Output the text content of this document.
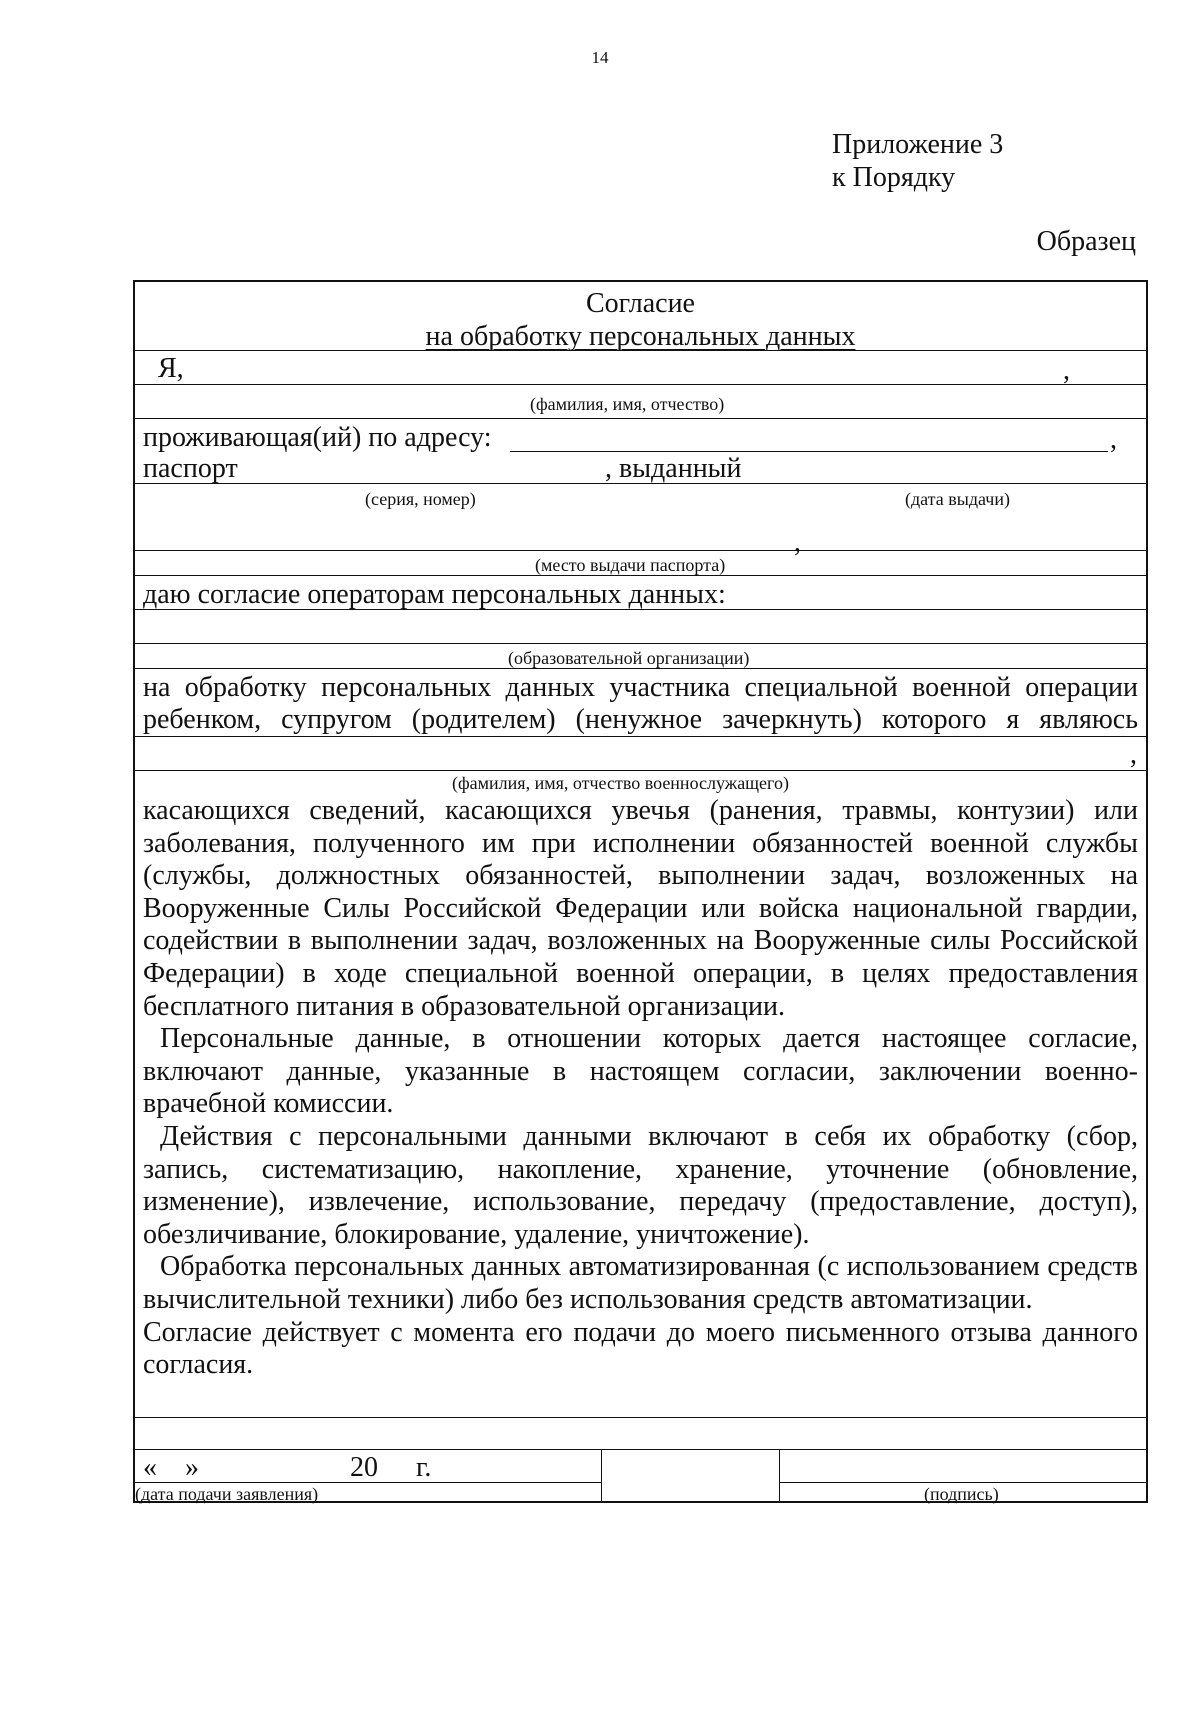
14
Приложение 3
к Порядку
Образец
Согласие
на обработку персональных данных
Я,	,
(фамилия, имя, отчество)
проживающая(ий) по адресу:	,
паспорт	, выданный
(серия, номер)	(дата выдачи)
,
(место выдачи паспорта)
даю согласие операторам персональных данных:
(образовательной организации)
на обработку персональных данных участника специальной военной операции
ребенком, супругом (родителем) (ненужное зачеркнуть) которого я являюсь
,
(фамилия, имя, отчество военнослужащего)

касающихся сведений, касающихся увечья (ранения, травмы, контузии) или заболевания, полученного им при исполнении обязанностей военной службы (службы, должностных обязанностей, выполнении задач, возложенных на Вооруженные Силы Российской Федерации или войска национальной гвардии, содействии в выполнении задач, возложенных на Вооруженные силы Российской Федерации) в ходе специальной военной операции, в целях предоставления бесплатного питания в образовательной организации.

Персональные данные, в отношении которых дается настоящее согласие, включают данные, указанные в настоящем согласии, заключении военно-врачебной комиссии.

Действия с персональными данными включают в себя их обработку (сбор, запись, систематизацию, накопление, хранение, уточнение (обновление, изменение), извлечение, использование, передачу (предоставление, доступ), обезличивание, блокирование, удаление, уничтожение).

Обработка персональных данных автоматизированная (с использованием средств вычислительной техники) либо без использования средств автоматизации.

Согласие действует с момента его подачи до моего письменного отзыва данного согласия.

« »	20 г.
(дата подачи заявления)	(подпись)
